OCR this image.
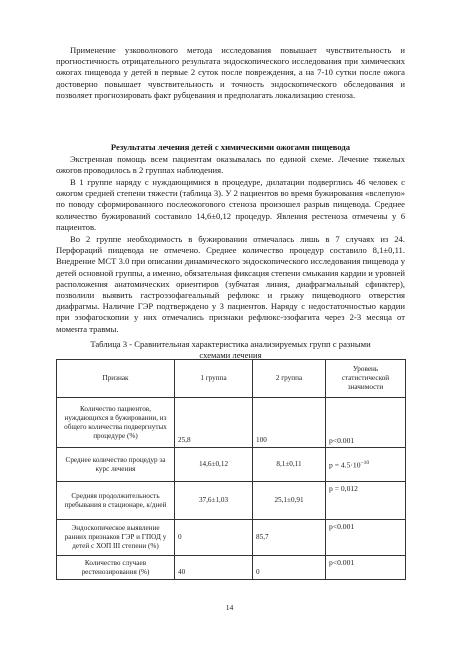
Применение узковолнового метода исследования повышает чувствительность и прогностичность отрицательного результата эндоскопического исследования при химических ожогах пищевода у детей в первые 2 суток после повреждения, а на 7-10 сутки после ожога достоверно повышает чувствительность и точность эндоскопического обследования и позволяет прогнозировать факт рубцевания и предполагать локализацию стеноза.

Результаты лечения детей с химическими ожогами пищевода

Экстренная помощь всем пациентам оказывалась по единой схеме. Лечение тяжелых ожогов проводилось в 2 группах наблюдения.

В 1 группе наряду с нуждающимися в процедуре, дилатации подверглись 46 человек с ожогом средней степени тяжести (таблица 3). У 2 пациентов во время бужирования «вслепую» по поводу сформированного послеожогового стеноза произошел разрыв пищевода. Среднее количество бужирований составило 14,6±0,12 процедур. Явления рестеноза отмечены у 6 пациентов.

Во 2 группе необходимость в бужировании отмечалась лишь в 7 случаях из 24. Перфораций пищевода не отмечено. Среднее количество процедур составило 8,1±0,11. Внедрение МСТ 3.0 при описании динамического эндоскопического исследования пищевода у детей основной группы, а именно, обязательная фиксация степени смыкания кардии и уровней расположения анатомических ориентиров (зубчатая линия, диафрагмальный сфинктер), позволили выявить гастроэзофагеальный рефлюкс и грыжу пищеводного отверстия диафрагмы. Наличие ГЭР подтверждено у 3 пациентов. Наряду с недостаточностью кардии при эзофагоскопии у них отмечались признаки рефлюкс-эзофагита через 2-3 месяца от момента травмы.

Таблица 3 - Сравнительная характеристика анализируемых групп с разными
схемами лечения
Признак	1 группа	2 группа	Уровень статистической значимости
Количество пациентов, нуждающихся в бужировании, из общего количества подвергнутых процедуре (%)	25,8	100	p<0.001
Среднее количество процедур за курс лечения	14,6±0,12	8,1±0,11	$p = 4.5\cdot 10^{-10}$
Средняя продолжительность пребывания в стационаре, к/дней	37,6±1,03	25,1±0,91	p = 0,012
Эндоскопическое выявление ранних признаков ГЭР и ГПОД у детей с ХОП III степени (%)	0	85,7	p<0.001
Количество случаев рестенозирования (%)	40	0	p<0.001
14
